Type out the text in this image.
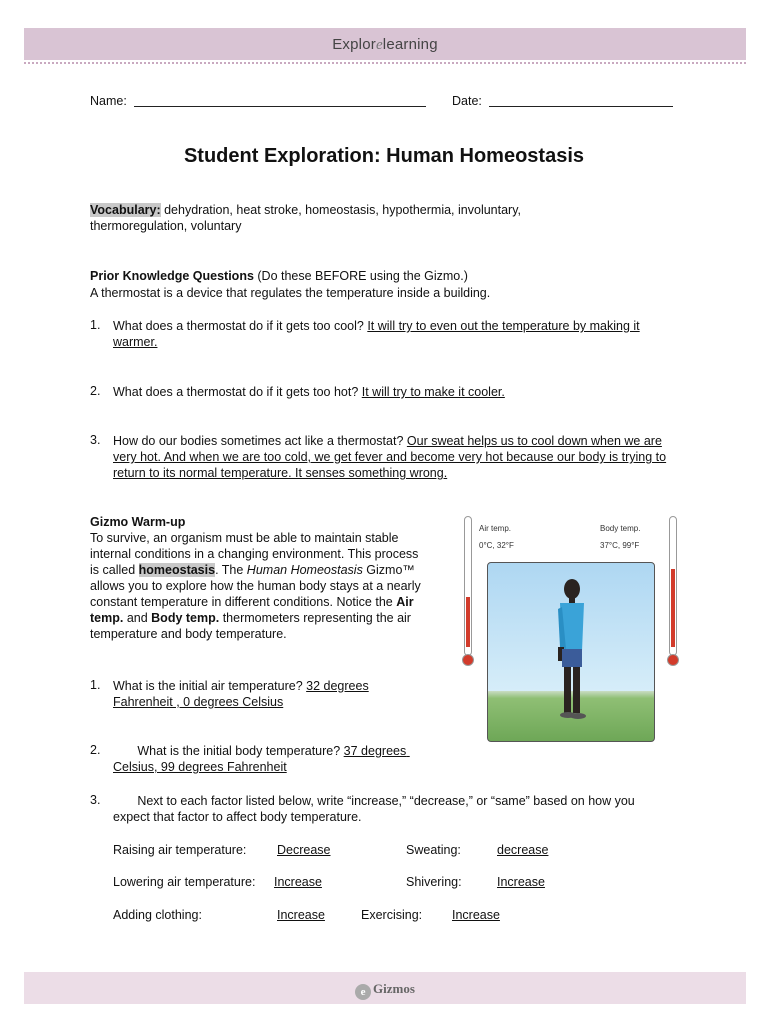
Explorelearning
Name:	Date:
Student Exploration: Human Homeostasis

Vocabulary: dehydration, heat stroke, homeostasis, hypothermia, involuntary, thermoregulation, voluntary

Prior Knowledge Questions (Do these BEFORE using the Gizmo.)

A thermostat is a device that regulates the temperature inside a building.

1. What does a thermostat do if it gets too cool? It will try to even out the temperature by making it warmer.

2. What does a thermostat do if it gets too hot? It will try to make it cooler.

3. How do our bodies sometimes act like a thermostat? Our sweat helps us to cool down when we are very hot. And when we are too cold, we get fever and become very hot because our body is trying to return to its normal temperature. It senses something wrong.

Gizmo Warm-up

To survive, an organism must be able to maintain stable internal conditions in a changing environment. This process is called homeostasis. The Human Homeostasis Gizmo™ allows you to explore how the human body stays at a nearly constant temperature in different conditions. Notice the Air temp. and Body temp. thermometers representing the air temperature and body temperature.

1. What is the initial air temperature? 32 degrees Fahrenheit , 0 degrees Celsius

2. What is the initial body temperature? 37 degrees Celsius, 99 degrees Fahrenheit

3. Next to each factor listed below, write “increase,” “decrease,” or “same” based on how you expect that factor to affect body temperature.

Raising air temperature: Decrease	Sweating:	decrease
Lowering air temperature: Increase	Shivering:	Increase
Adding clothing:	Increase	Exercising: Increase
Air temp.
0°C, 32°F
Body temp.
37°C, 99°F
e Gizmos
